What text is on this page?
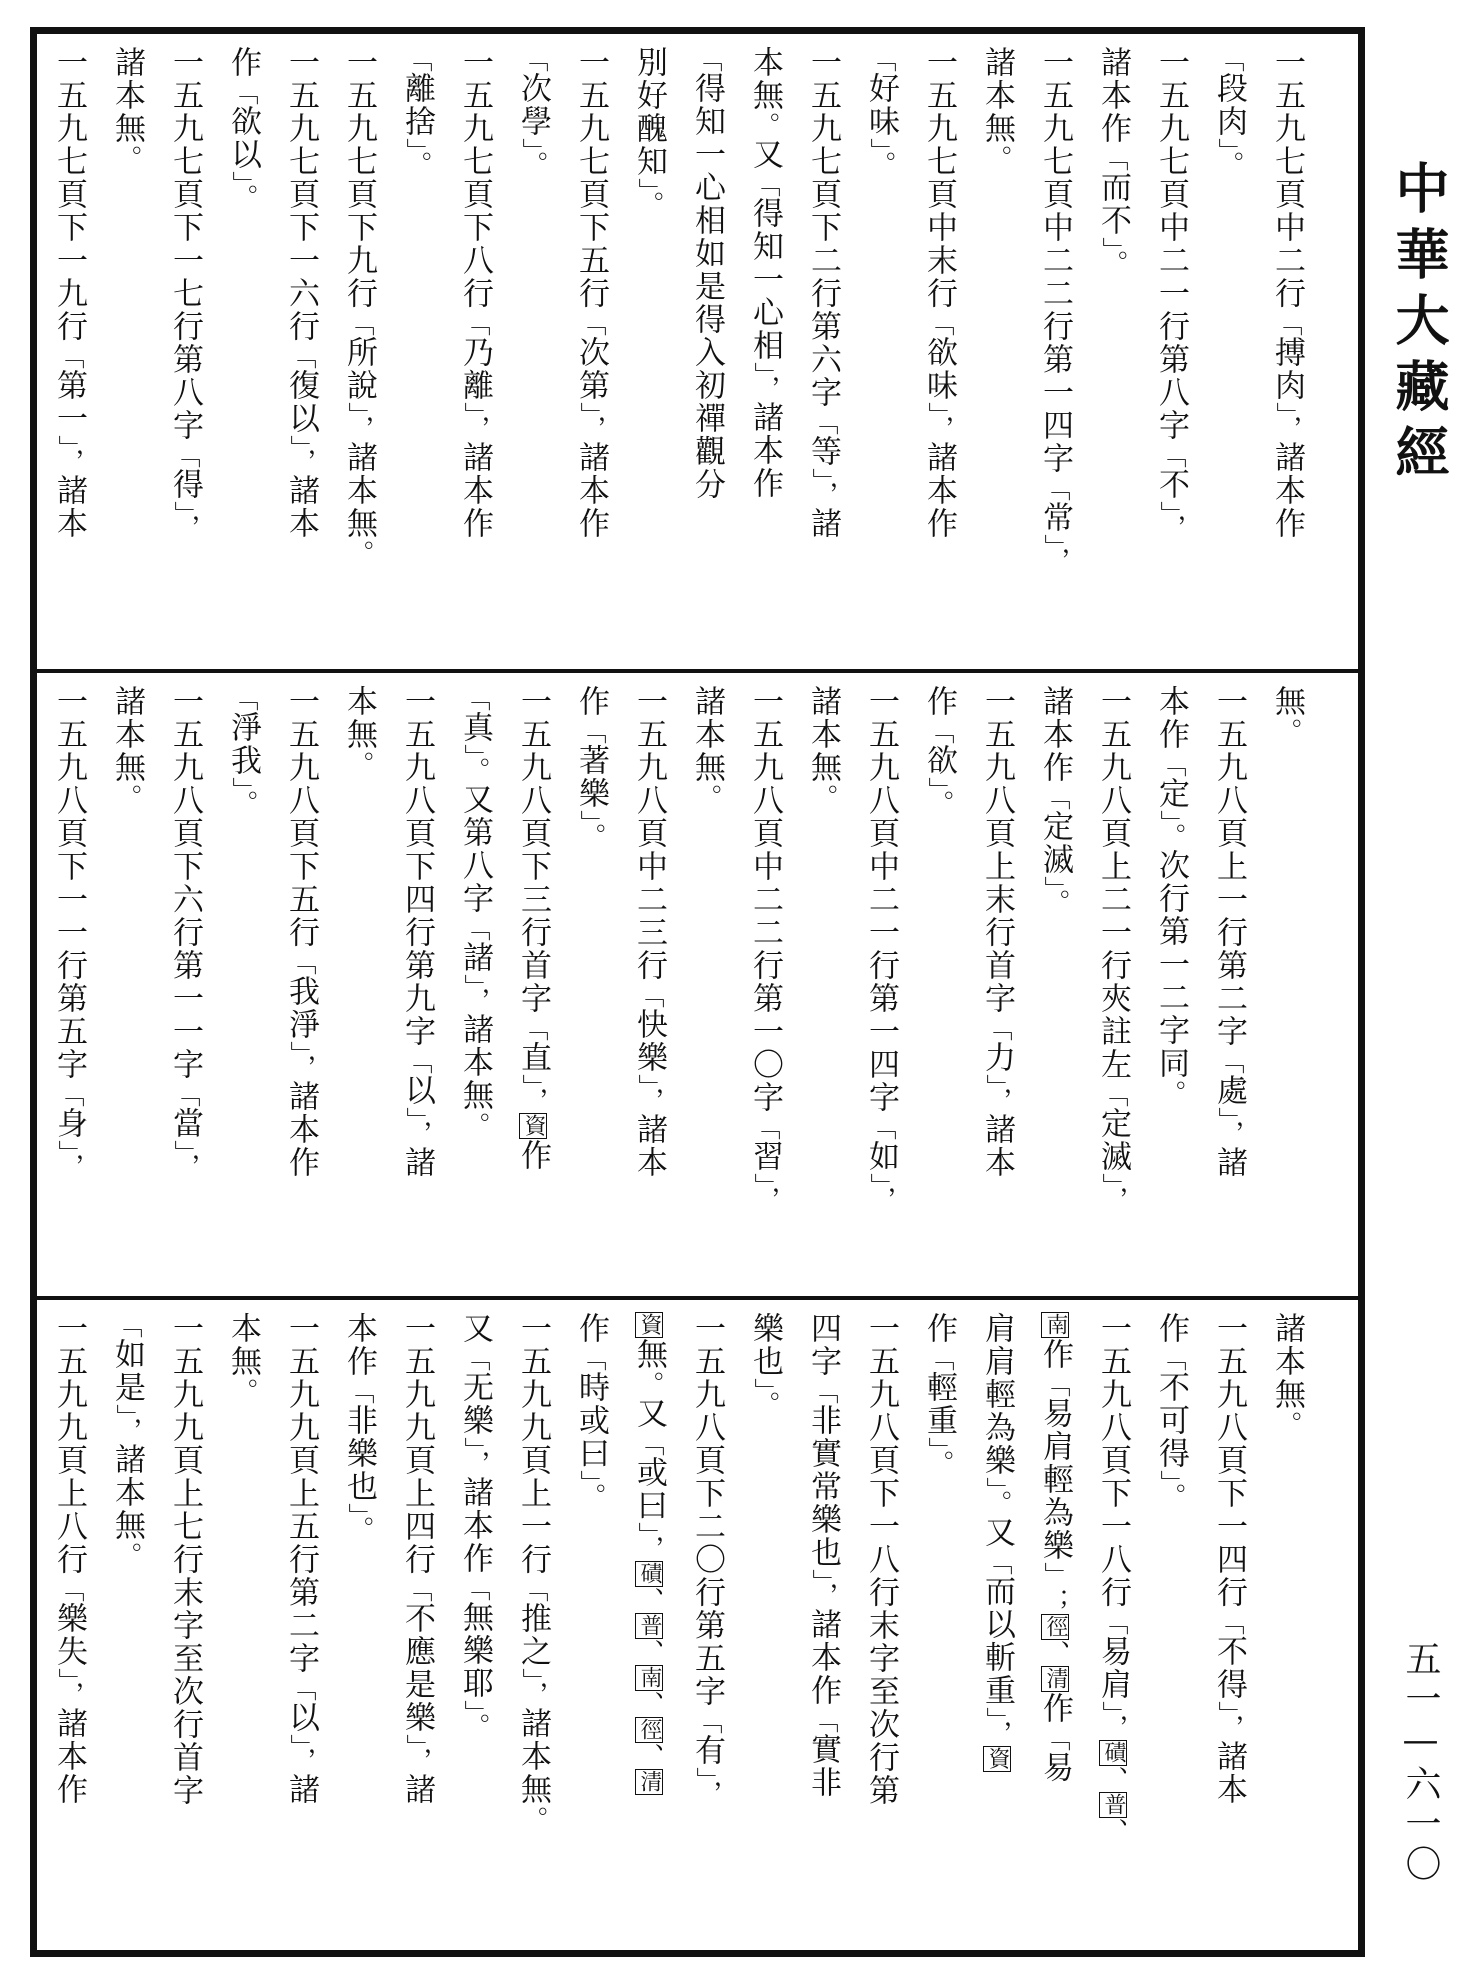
中華大藏經
五一—六一〇
一五九七頁中二行「搏肉」，諸本作
「段肉」。
一五九七頁中二一行第八字「不」，
諸本作「而不」。
一五九七頁中二二行第一四字「常」，
諸本無。
一五九七頁中末行「欲味」，諸本作
「好味」。
一五九七頁下二行第六字「等」，諸
本無。又「得知一心相」，諸本作
「得知一心相如是得入初禪觀分
別好醜知」。
一五九七頁下五行「次第」，諸本作
「次學」。
一五九七頁下八行「乃離」，諸本作
「離捨」。
一五九七頁下九行「所說」，諸本無。
一五九七頁下一六行「復以」，諸本
作「欲以」。
一五九七頁下一七行第八字「得」，
諸本無。
一五九七頁下一九行「第一」，諸本
無。
一五九八頁上一行第二字「處」，諸
本作「定」。次行第一二字同。
一五九八頁上二一行夾註左「定滅」，
諸本作「定滅」。
一五九八頁上末行首字「力」，諸本
作「欲」。
一五九八頁中二一行第一四字「如」，
諸本無。
一五九八頁中二二行第一〇字「習」，
諸本無。
一五九八頁中二三行「快樂」，諸本
作「著樂」。
一五九八頁下三行首字「直」，資作
「真」。又第八字「諸」，諸本無。
一五九八頁下四行第九字「以」，諸
本無。
一五九八頁下五行「我淨」，諸本作
「淨我」。
一五九八頁下六行第一一字「當」，
諸本無。
一五九八頁下一一行第五字「身」，
諸本無。
一五九八頁下一四行「不得」，諸本
作「不可得」。
一五九八頁下一八行「易肩」，磧、普、
南作「易肩輕為樂」；徑、清作「易
肩肩輕為樂」。又「而以斬重」，資
作「輕重」。
一五九八頁下一八行末字至次行第
四字「非實常樂也」，諸本作「實非
樂也」。
一五九八頁下二〇行第五字「有」，
資無。又「或曰」，磧、普、南、徑、清
作「時或曰」。
一五九九頁上一行「推之」，諸本無。
又「无樂」，諸本作「無樂耶」。
一五九九頁上四行「不應是樂」，諸
本作「非樂也」。
一五九九頁上五行第二字「以」，諸
本無。
一五九九頁上七行末字至次行首字
「如是」，諸本無。
一五九九頁上八行「樂失」，諸本作
